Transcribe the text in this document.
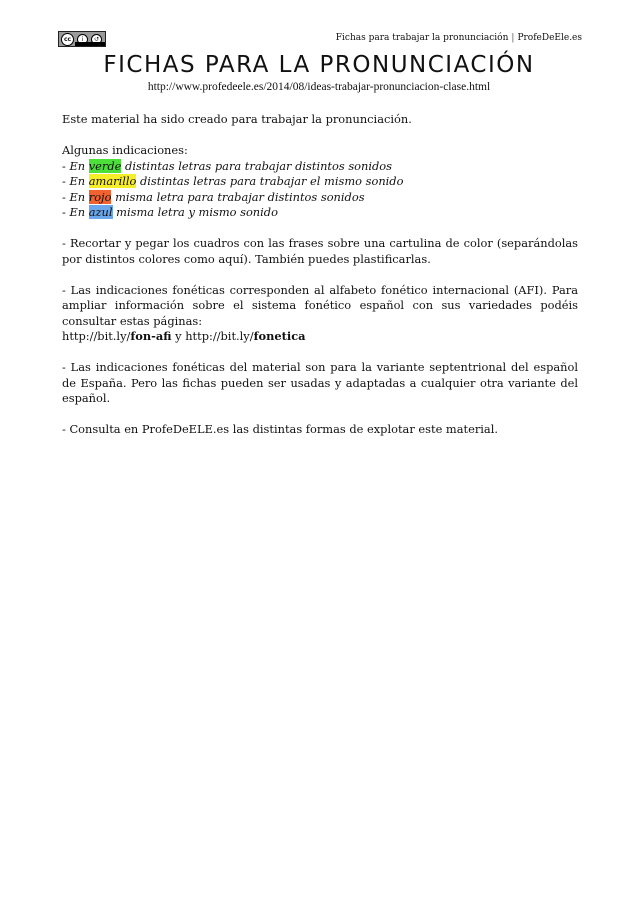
cc	i	↺	Fichas para trabajar la pronunciación | ProfeDeEle.es
FICHAS PARA LA PRONUNCIACIÓN
http://www.profedeele.es/2014/08/ideas-trabajar-pronunciacion-clase.html

Este material ha sido creado para trabajar la pronunciación.

Algunas indicaciones:

- En verde distintas letras para trabajar distintos sonidos

- En amarillo distintas letras para trabajar el mismo sonido

- En rojo misma letra para trabajar distintos sonidos

- En azul misma letra y mismo sonido

- Recortar y pegar los cuadros con las frases sobre una cartulina de color (separándolas por distintos colores como aquí). También puedes plastificarlas.

- Las indicaciones fonéticas corresponden al alfabeto fonético internacional (AFI). Para ampliar información sobre el sistema fonético español con sus variedades podéis consultar estas páginas:

http://bit.ly/fon-afi y http://bit.ly/fonetica

- Las indicaciones fonéticas del material son para la variante septentrional del español de España. Pero las fichas pueden ser usadas y adaptadas a cualquier otra variante del español.

- Consulta en ProfeDeELE.es las distintas formas de explotar este material.
